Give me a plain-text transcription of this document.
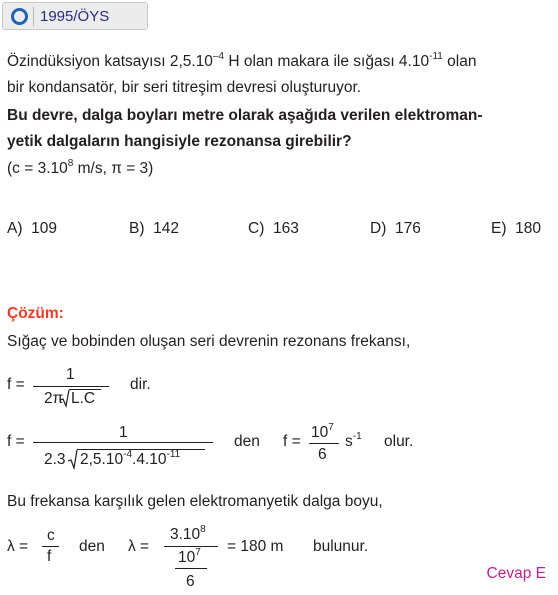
1995/ÖYS
Özindüksiyon katsayısı $2,5.10^{-4}$ H olan makara ile sığası $4.10^{-11}$ olan
bir kondansatör, bir seri titreşim devresi oluşturuyor.
Bu devre, dalga boyları metre olarak aşağıda verilen elektroman-
yetik dalgaların hangisiyle rezonansa girebilir?
($c = 3.10^8$ m/s, π = 3)
A) 109	B) 142	C) 163	D) 176	E) 180
Çözüm:
Sığaç ve bobinden oluşan seri devrenin rezonans frekansı,
f =
1
2π L.C
dir.
f =
1
2.3 $2,5.10^{-4}.4.10^{-11}$
den f =
$10^7$
6
$s^{-1}$ olur.
Bu frekansa karşılık gelen elektromanyetik dalga boyu,
λ =
c
f
den λ =
$3.10^8$
$10^7$
6
= 180 m bulunur.
Cevap E
